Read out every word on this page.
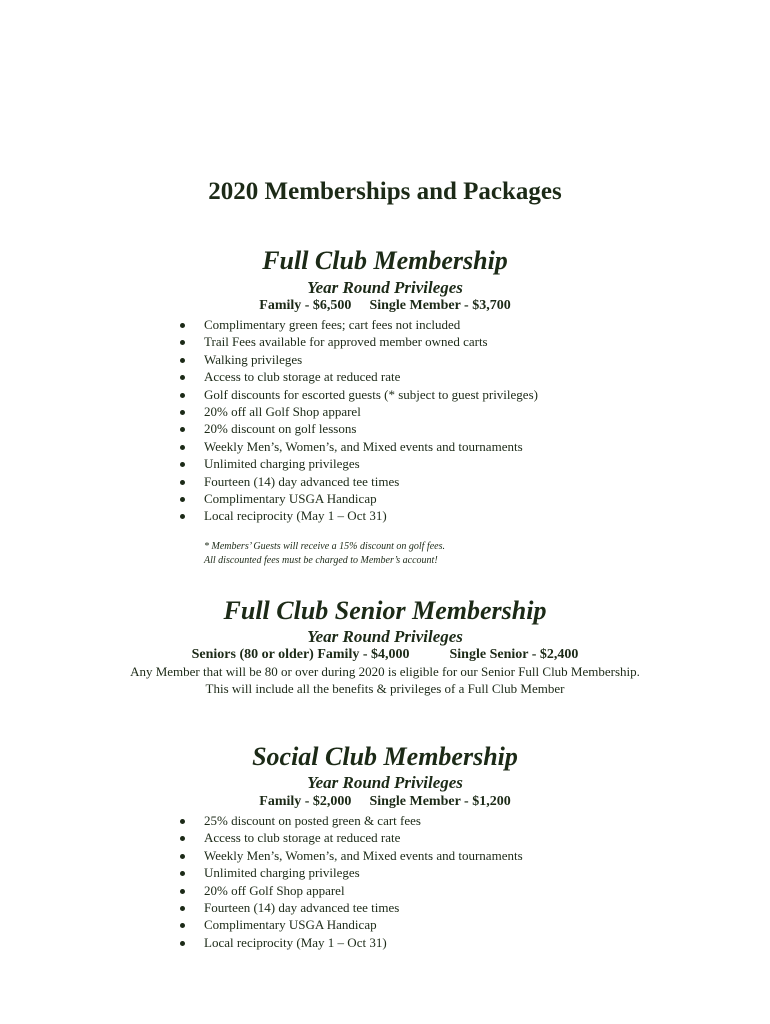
2020 Memberships and Packages
Full Club Membership
Year Round Privileges
Family - $6,500 Single Member - $3,700
Complimentary green fees; cart fees not included
Trail Fees available for approved member owned carts
Walking privileges
Access to club storage at reduced rate
Golf discounts for escorted guests (* subject to guest privileges)
20% off all Golf Shop apparel
20% discount on golf lessons
Weekly Men’s, Women’s, and Mixed events and tournaments
Unlimited charging privileges
Fourteen (14) day advanced tee times
Complimentary USGA Handicap
Local reciprocity (May 1 – Oct 31)
* Members’ Guests will receive a 15% discount on golf fees.
All discounted fees must be charged to Member’s account!
Full Club Senior Membership
Year Round Privileges
Seniors (80 or older) Family - $4,000	Single Senior - $2,400
Any Member that will be 80 or over during 2020 is eligible for our Senior Full Club Membership.
This will include all the benefits & privileges of a Full Club Member
Social Club Membership
Year Round Privileges
Family - $2,000 Single Member - $1,200
25% discount on posted green & cart fees
Access to club storage at reduced rate
Weekly Men’s, Women’s, and Mixed events and tournaments
Unlimited charging privileges
20% off Golf Shop apparel
Fourteen (14) day advanced tee times
Complimentary USGA Handicap
Local reciprocity (May 1 – Oct 31)
